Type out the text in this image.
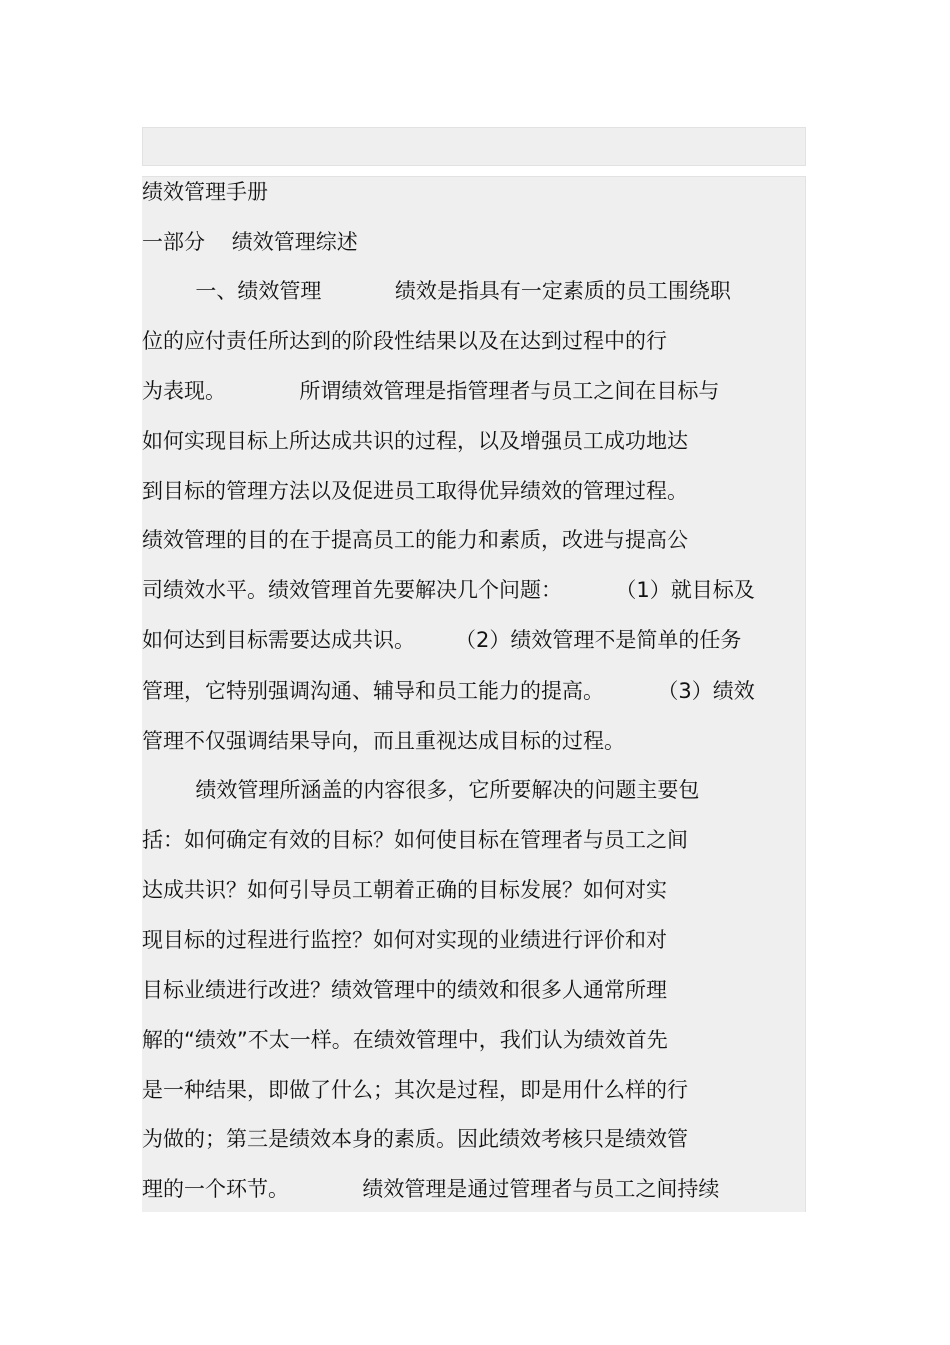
绩效管理手册
一部分    绩效管理综述
一、绩效管理           绩效是指具有一定素质的员工围绕职
位的应付责任所达到的阶段性结果以及在达到过程中的行
为表现。           所谓绩效管理是指管理者与员工之间在目标与
如何实现目标上所达成共识的过程，以及增强员工成功地达
到目标的管理方法以及促进员工取得优异绩效的管理过程。
绩效管理的目的在于提高员工的能力和素质，改进与提高公
司绩效水平。绩效管理首先要解决几个问题：        （1）就目标及
如何达到目标需要达成共识。      （2）绩效管理不是简单的任务
管理，它特别强调沟通、辅导和员工能力的提高。        （3）绩效
管理不仅强调结果导向，而且重视达成目标的过程。
绩效管理所涵盖的内容很多，它所要解决的问题主要包
括：如何确定有效的目标？如何使目标在管理者与员工之间
达成共识？如何引导员工朝着正确的目标发展？如何对实
现目标的过程进行监控？如何对实现的业绩进行评价和对
目标业绩进行改进？绩效管理中的绩效和很多人通常所理
解的“绩效”不太一样。在绩效管理中，我们认为绩效首先
是一种结果，即做了什么；其次是过程，即是用什么样的行
为做的；第三是绩效本身的素质。因此绩效考核只是绩效管
理的一个环节。           绩效管理是通过管理者与员工之间持续
